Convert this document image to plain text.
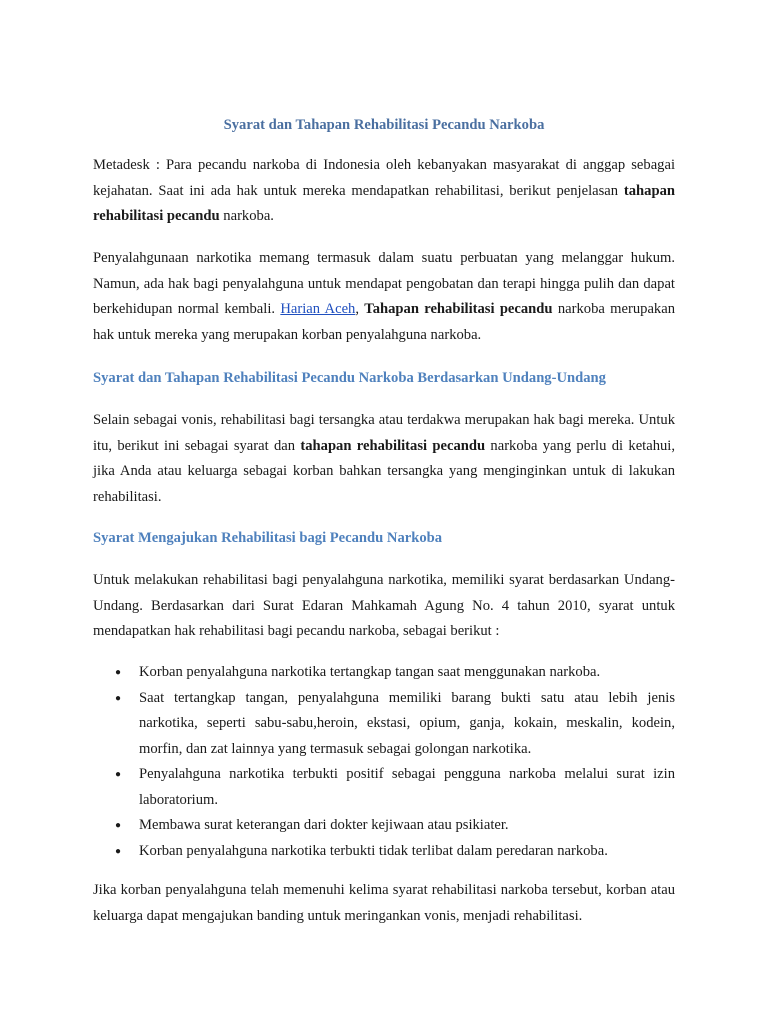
Syarat dan Tahapan Rehabilitasi Pecandu Narkoba

Metadesk : Para pecandu narkoba di Indonesia oleh kebanyakan masyarakat di anggap sebagai kejahatan. Saat ini ada hak untuk mereka mendapatkan rehabilitasi, berikut penjelasan tahapan rehabilitasi pecandu narkoba.

Penyalahgunaan narkotika memang termasuk dalam suatu perbuatan yang melanggar hukum. Namun, ada hak bagi penyalahguna untuk mendapat pengobatan dan terapi hingga pulih dan dapat berkehidupan normal kembali. Harian Aceh, Tahapan rehabilitasi pecandu narkoba merupakan hak untuk mereka yang merupakan korban penyalahguna narkoba.

Syarat dan Tahapan Rehabilitasi Pecandu Narkoba Berdasarkan Undang-Undang

Selain sebagai vonis, rehabilitasi bagi tersangka atau terdakwa merupakan hak bagi mereka. Untuk itu, berikut ini sebagai syarat dan tahapan rehabilitasi pecandu narkoba yang perlu di ketahui, jika Anda atau keluarga sebagai korban bahkan tersangka yang menginginkan untuk di lakukan rehabilitasi.

Syarat Mengajukan Rehabilitasi bagi Pecandu Narkoba

Untuk melakukan rehabilitasi bagi penyalahguna narkotika, memiliki syarat berdasarkan Undang-Undang. Berdasarkan dari Surat Edaran Mahkamah Agung No. 4 tahun 2010, syarat untuk mendapatkan hak rehabilitasi bagi pecandu narkoba, sebagai berikut :

● Korban penyalahguna narkotika tertangkap tangan saat menggunakan narkoba.
● Saat tertangkap tangan, penyalahguna memiliki barang bukti satu atau lebih jenis narkotika, seperti sabu-sabu,heroin, ekstasi, opium, ganja, kokain, meskalin, kodein, morfin, dan zat lainnya yang termasuk sebagai golongan narkotika.
● Penyalahguna narkotika terbukti positif sebagai pengguna narkoba melalui surat izin laboratorium.
● Membawa surat keterangan dari dokter kejiwaan atau psikiater.
● Korban penyalahguna narkotika terbukti tidak terlibat dalam peredaran narkoba.

Jika korban penyalahguna telah memenuhi kelima syarat rehabilitasi narkoba tersebut, korban atau keluarga dapat mengajukan banding untuk meringankan vonis, menjadi rehabilitasi.
